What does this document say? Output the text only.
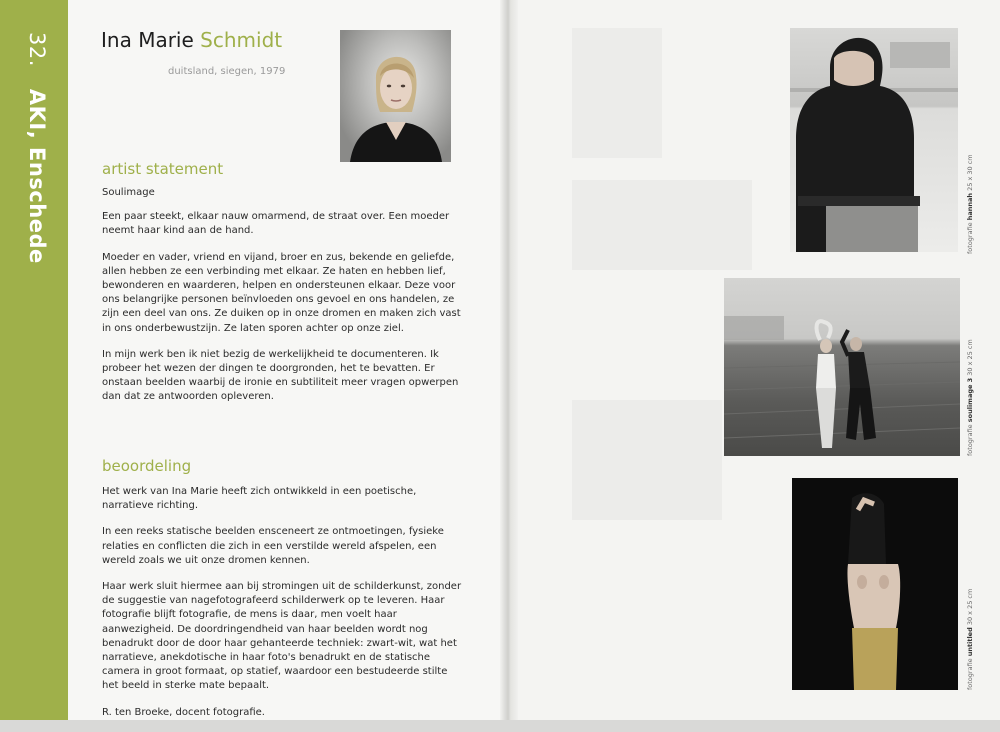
32.AKI, Enschede
Ina Marie Schmidt
duitsland, siegen, 1979
artist statement

Soulimage

Een paar steekt, elkaar nauw omarmend, de straat over. Een moeder neemt haar kind aan de hand.

Moeder en vader, vriend en vijand, broer en zus, bekende en geliefde, allen hebben ze een verbinding met elkaar. Ze haten en hebben lief, bewonderen en waarderen, helpen en ondersteunen elkaar. Deze voor ons belangrijke personen beïnvloeden ons gevoel en ons handelen, ze zijn een deel van ons. Ze duiken op in onze dromen en maken zich vast in ons onderbewustzijn. Ze laten sporen achter op onze ziel.

In mijn werk ben ik niet bezig de werkelijkheid te documenteren. Ik probeer het wezen der dingen te doorgronden, het te bevatten. Er onstaan beelden waarbij de ironie en subtiliteit meer vragen opwerpen dan dat ze antwoorden opleveren.

beoordeling

Het werk van Ina Marie heeft zich ontwikkeld in een poetische, narratieve richting.

In een reeks statische beelden ensceneert ze ontmoetingen, fysieke relaties en conflicten die zich in een verstilde wereld afspelen, een wereld zoals we uit onze dromen kennen.

Haar werk sluit hiermee aan bij stromingen uit de schilderkunst, zonder de suggestie van nagefotografeerd schilderwerk op te leveren. Haar fotografie blijft fotografie, de mens is daar, men voelt haar aanwezigheid. De doordringendheid van haar beelden wordt nog benadrukt door de door haar gehanteerde techniek: zwart-wit, wat het narratieve, anekdotische in haar foto's benadrukt en de statische camera in groot formaat, op statief, waardoor een bestudeerde stilte het beeld in sterke mate bepaalt.

R. ten Broeke, docent fotografie.

fotografie hannah 25 x 30 cm
fotografie soulimage 3 30 x 25 cm
fotografie untitled 30 x 25 cm
